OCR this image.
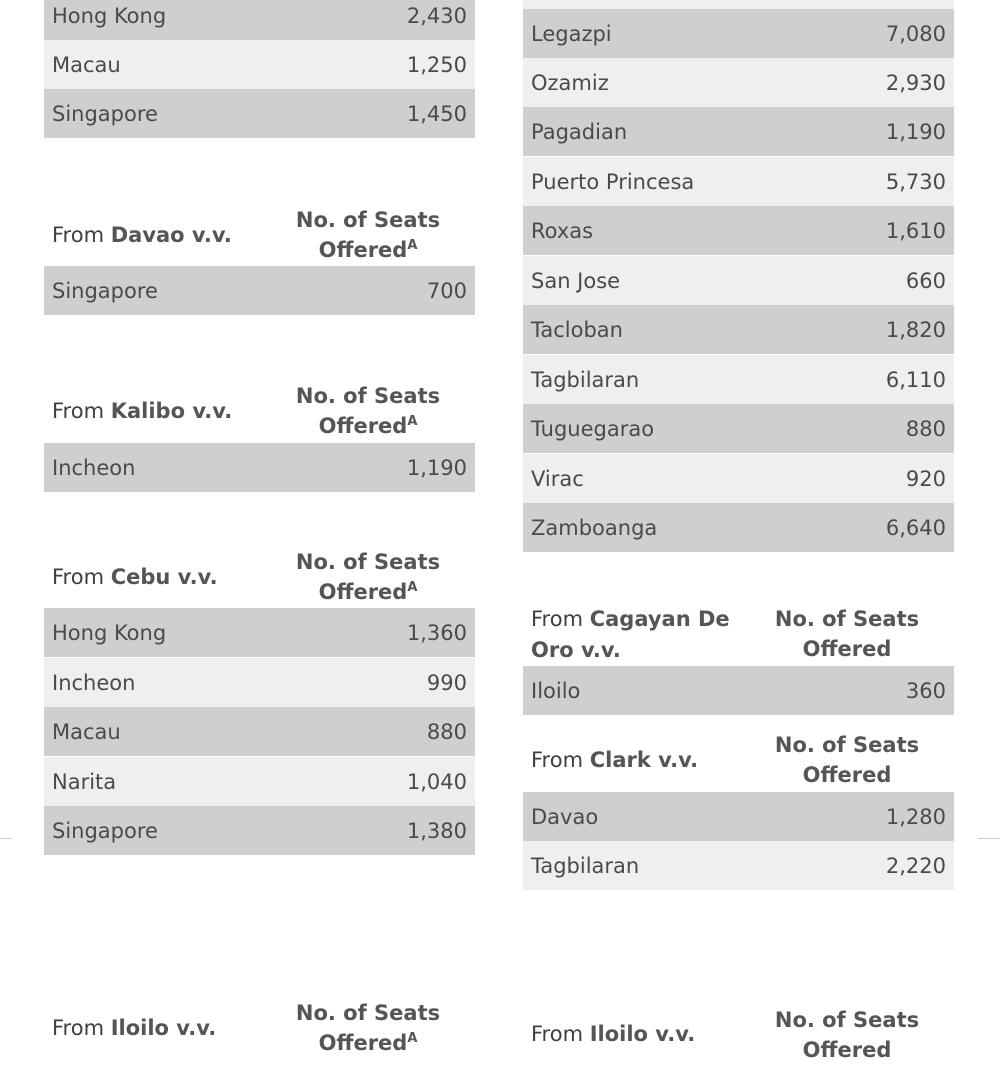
Hong Kong	2,430
Macau	1,250
Singapore	1,450
From Davao v.v.
No. of Seats Offered$^A$
Singapore	700
From Kalibo v.v.
No. of Seats Offered$^A$
Incheon	1,190
From Cebu v.v.
No. of Seats Offered$^A$
Hong Kong	1,360
Incheon	990
Macau	880
Narita	1,040
Singapore	1,380
From Iloilo v.v.
No. of Seats Offered$^A$
Legazpi	7,080
Ozamiz	2,930
Pagadian	1,190
Puerto Princesa	5,730
Roxas	1,610
San Jose	660
Tacloban	1,820
Tagbilaran	6,110
Tuguegarao	880
Virac	920
Zamboanga	6,640
From Cagayan De Oro v.v.
No. of Seats Offered
Iloilo	360
From Clark v.v.
No. of Seats Offered
Davao	1,280
Tagbilaran	2,220
From Iloilo v.v.
No. of Seats Offered
